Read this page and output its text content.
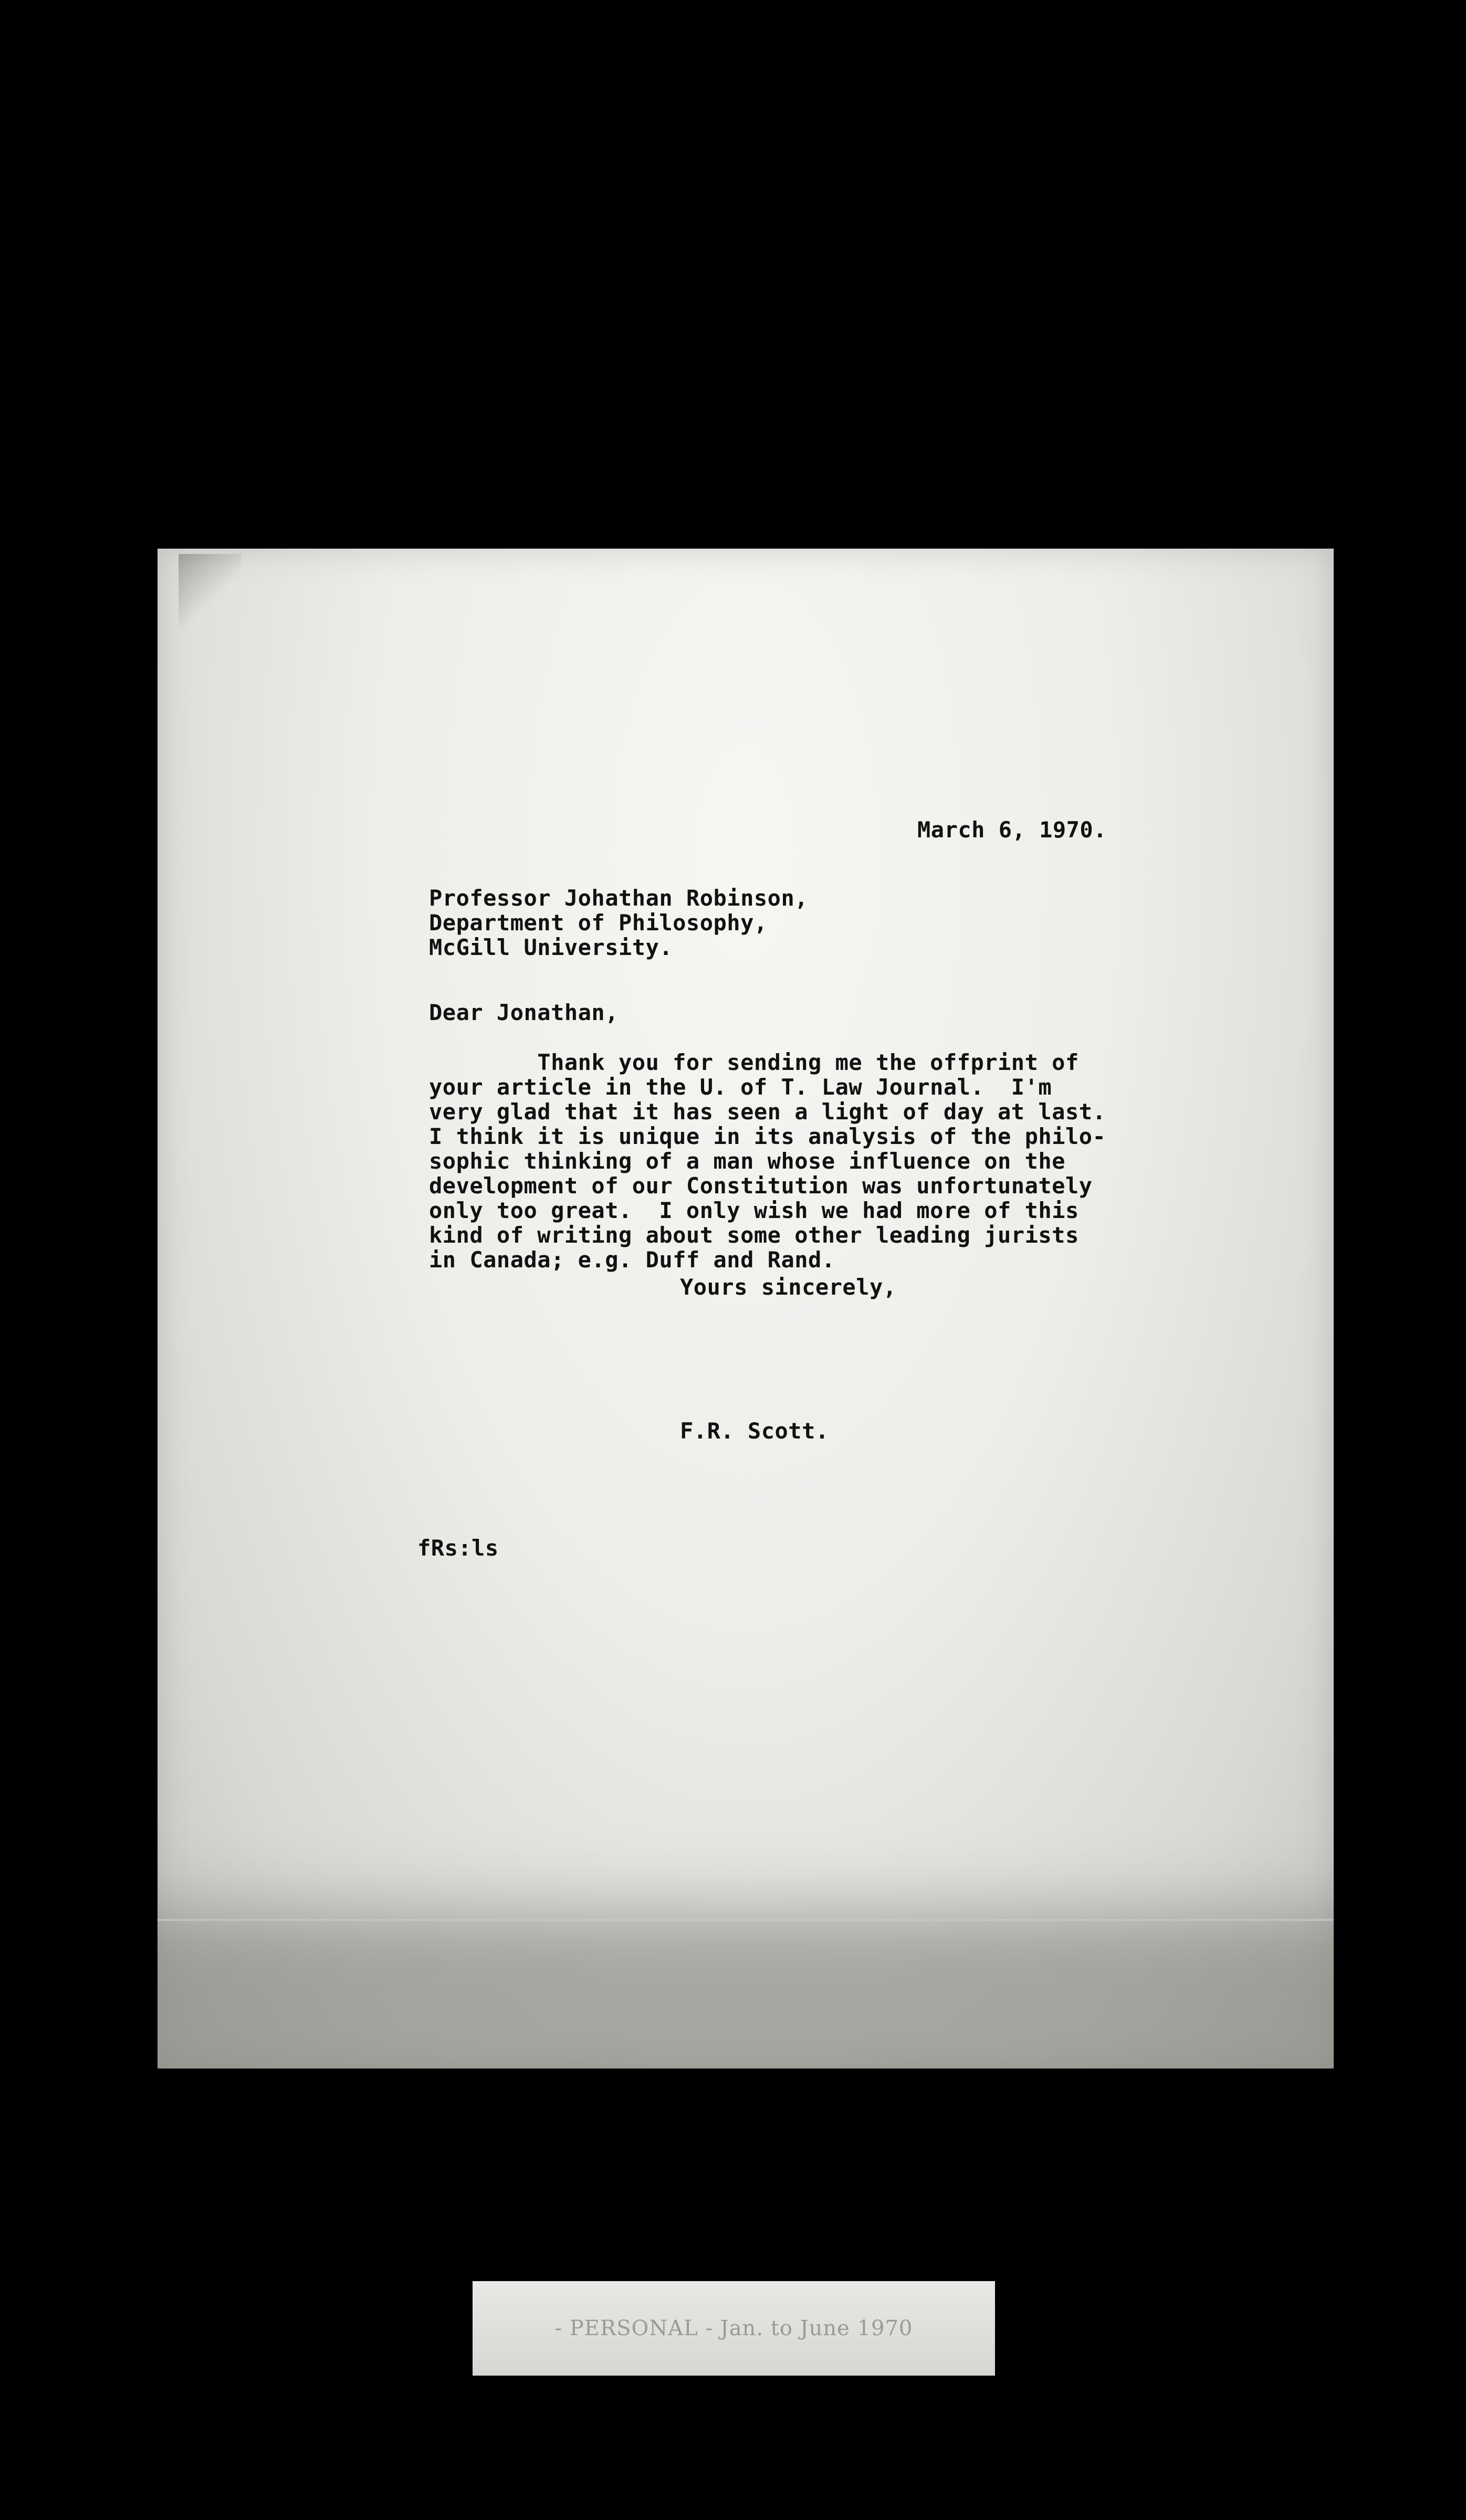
March 6, 1970.
Professor Johathan Robinson,
Department of Philosophy,
McGill University.
Dear Jonathan,
Thank you for sending me the offprint of
your article in the U. of T. Law Journal.  I'm
very glad that it has seen a light of day at last.
I think it is unique in its analysis of the philo-
sophic thinking of a man whose influence on the
development of our Constitution was unfortunately
only too great.  I only wish we had more of this
kind of writing about some other leading jurists
in Canada; e.g. Duff and Rand.
Yours sincerely,
F.R. Scott.
fRs:ls
- PERSONAL - Jan. to June 1970
